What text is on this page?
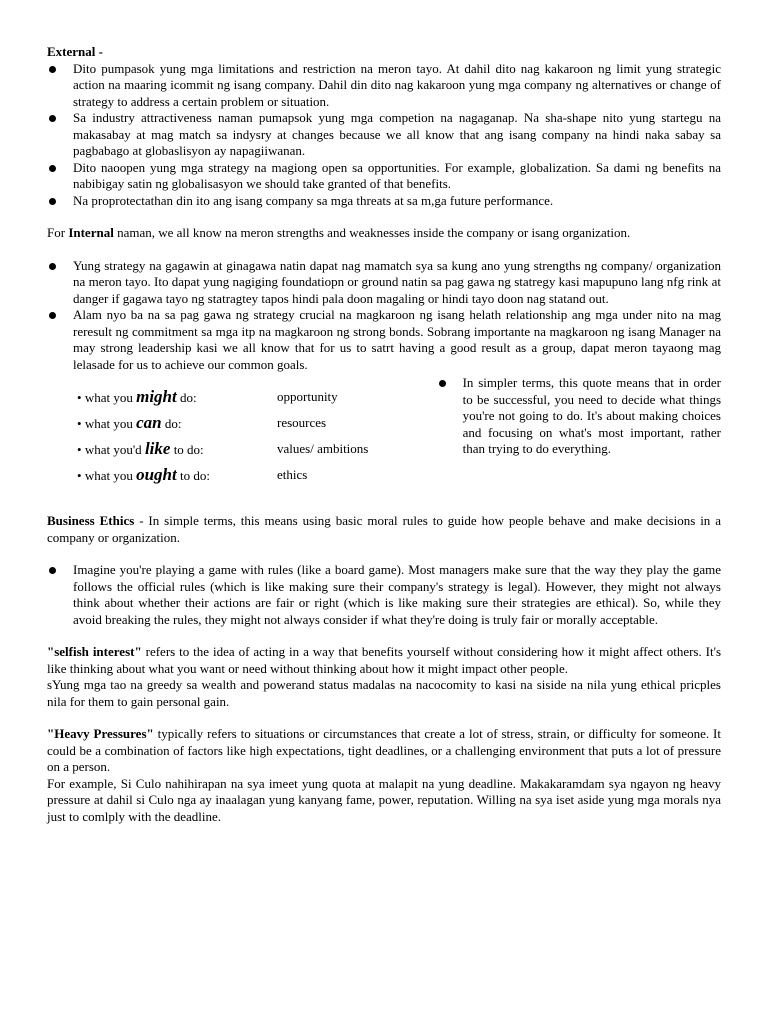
External -

Dito pumpasok yung mga limitations and restriction na meron tayo. At dahil dito nag kakaroon ng limit yung strategic action na maaring icommit ng isang company. Dahil din dito nag kakaroon yung mga company ng alternatives or change of strategy to address a certain problem or situation.
Sa industry attractiveness naman pumapsok yung mga competion na nagaganap. Na sha-shape nito yung startegu na makasabay at mag match sa indysry at changes because we all know that ang isang company na hindi naka sabay sa pagbabago at globaslisyon ay napagiiwanan.
Dito naoopen yung mga strategy na magiong open sa opportunities. For example, globalization. Sa dami ng benefits na nabibigay satin ng globalisasyon we should take granted of that benefits.
Na proprotectathan din ito ang isang company sa mga threats at sa m,ga future performance.

For Internal naman, we all know na meron strengths and weaknesses inside the company or isang organization.

Yung strategy na gagawin at ginagawa natin dapat nag mamatch sya sa kung ano yung strengths ng company/ organization na meron tayo. Ito dapat yung nagiging foundatiopn or ground natin sa pag gawa ng statregy kasi mapupuno lang nfg rink at danger if gagawa tayo ng statragtey tapos hindi pala doon magaling or hindi tayo doon nag statand out.
Alam nyo ba na sa pag gawa ng strategy crucial na magkaroon ng isang helath relationship ang mga under nito na mag reresult ng commitment sa mga itp na magkaroon ng strong bonds. Sobrang importante na magkaroon ng isang Manager na may strong leadership kasi we all know that for us to satrt having a good result as a group, dapat meron tayaong mag lelasade for us to achieve our common goals.
• what you might do:	opportunity
• what you can do:	resources
• what you'd like to do:	values/ ambitions
• what you ought to do:	ethics
In simpler terms, this quote means that in order to be successful, you need to decide what things you're not going to do. It's about making choices and focusing on what's most important, rather than trying to do everything.

Business Ethics - In simple terms, this means using basic moral rules to guide how people behave and make decisions in a company or organization.

Imagine you're playing a game with rules (like a board game). Most managers make sure that the way they play the game follows the official rules (which is like making sure their company's strategy is legal). However, they might not always think about whether their actions are fair or right (which is like making sure their strategies are ethical). So, while they avoid breaking the rules, they might not always consider if what they're doing is truly fair or morally acceptable.

"selfish interest" refers to the idea of acting in a way that benefits yourself without considering how it might affect others. It's like thinking about what you want or need without thinking about how it might impact other people.

sYung mga tao na greedy sa wealth and powerand status madalas na nacocomity to kasi na siside na nila yung ethical pricples nila for them to gain personal gain.

"Heavy Pressures" typically refers to situations or circumstances that create a lot of stress, strain, or difficulty for someone. It could be a combination of factors like high expectations, tight deadlines, or a challenging environment that puts a lot of pressure on a person.

For example, Si Culo nahihirapan na sya imeet yung quota at malapit na yung deadline. Makakaramdam sya ngayon ng heavy pressure at dahil si Culo nga ay inaalagan yung kanyang fame, power, reputation. Willing na sya iset aside yung mga morals nya just to comlply with the deadline.
